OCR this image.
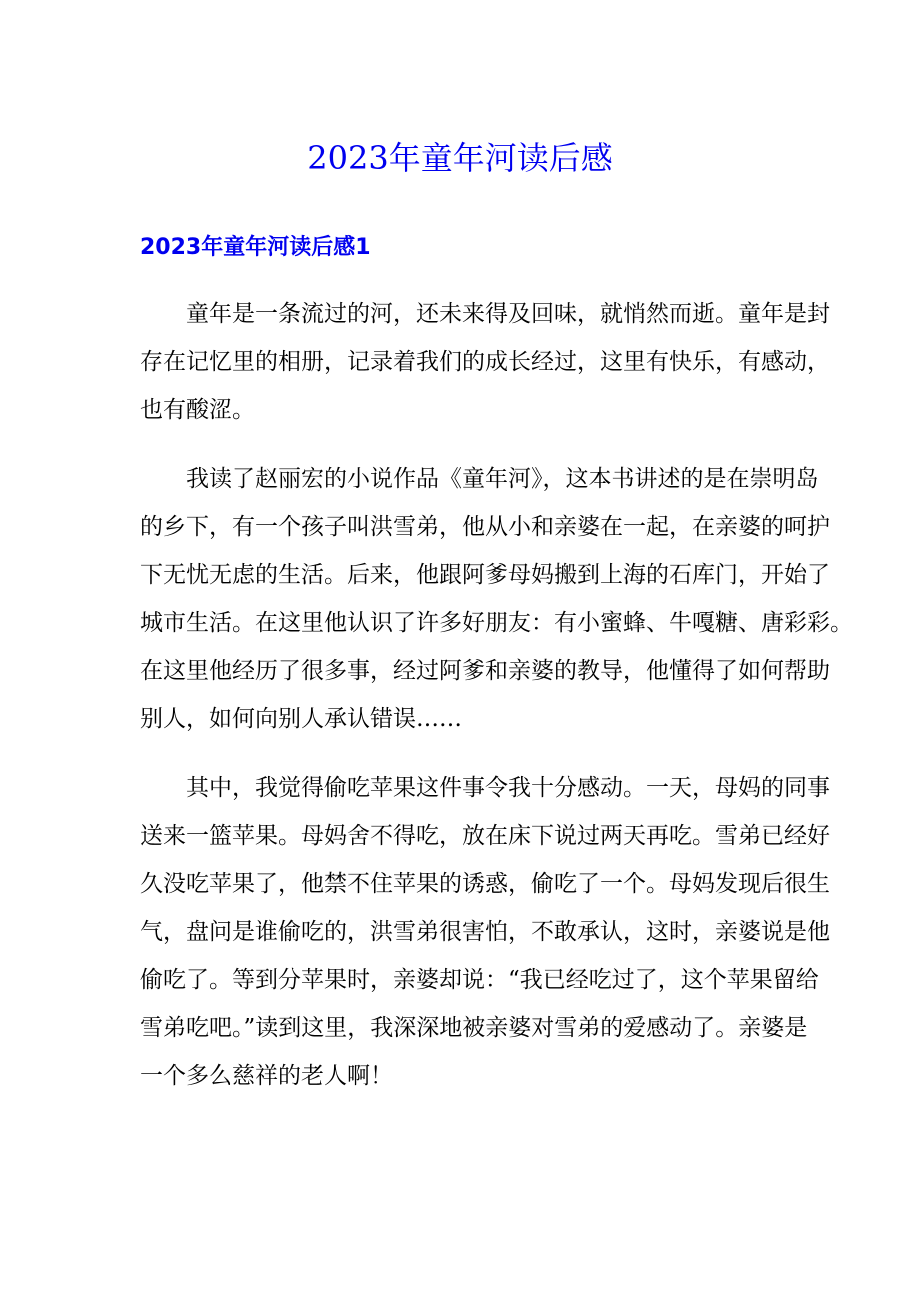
2023年童年河读后感
2023年童年河读后感1
童年是一条流过的河，还未来得及回味，就悄然而逝。童年是封
存在记忆里的相册，记录着我们的成长经过，这里有快乐，有感动，
也有酸涩。
我读了赵丽宏的小说作品《童年河》，这本书讲述的是在崇明岛
的乡下，有一个孩子叫洪雪弟，他从小和亲婆在一起，在亲婆的呵护
下无忧无虑的生活。后来，他跟阿爹母妈搬到上海的石库门，开始了
城市生活。在这里他认识了许多好朋友：有小蜜蜂、牛嘎糖、唐彩彩。
在这里他经历了很多事，经过阿爹和亲婆的教导，他懂得了如何帮助
别人，如何向别人承认错误……
其中，我觉得偷吃苹果这件事令我十分感动。一天，母妈的同事
送来一篮苹果。母妈舍不得吃，放在床下说过两天再吃。雪弟已经好
久没吃苹果了，他禁不住苹果的诱惑，偷吃了一个。母妈发现后很生
气，盘问是谁偷吃的，洪雪弟很害怕，不敢承认，这时，亲婆说是他
偷吃了。等到分苹果时，亲婆却说：“我已经吃过了，这个苹果留给
雪弟吃吧。”读到这里，我深深地被亲婆对雪弟的爱感动了。亲婆是
一个多么慈祥的老人啊！
